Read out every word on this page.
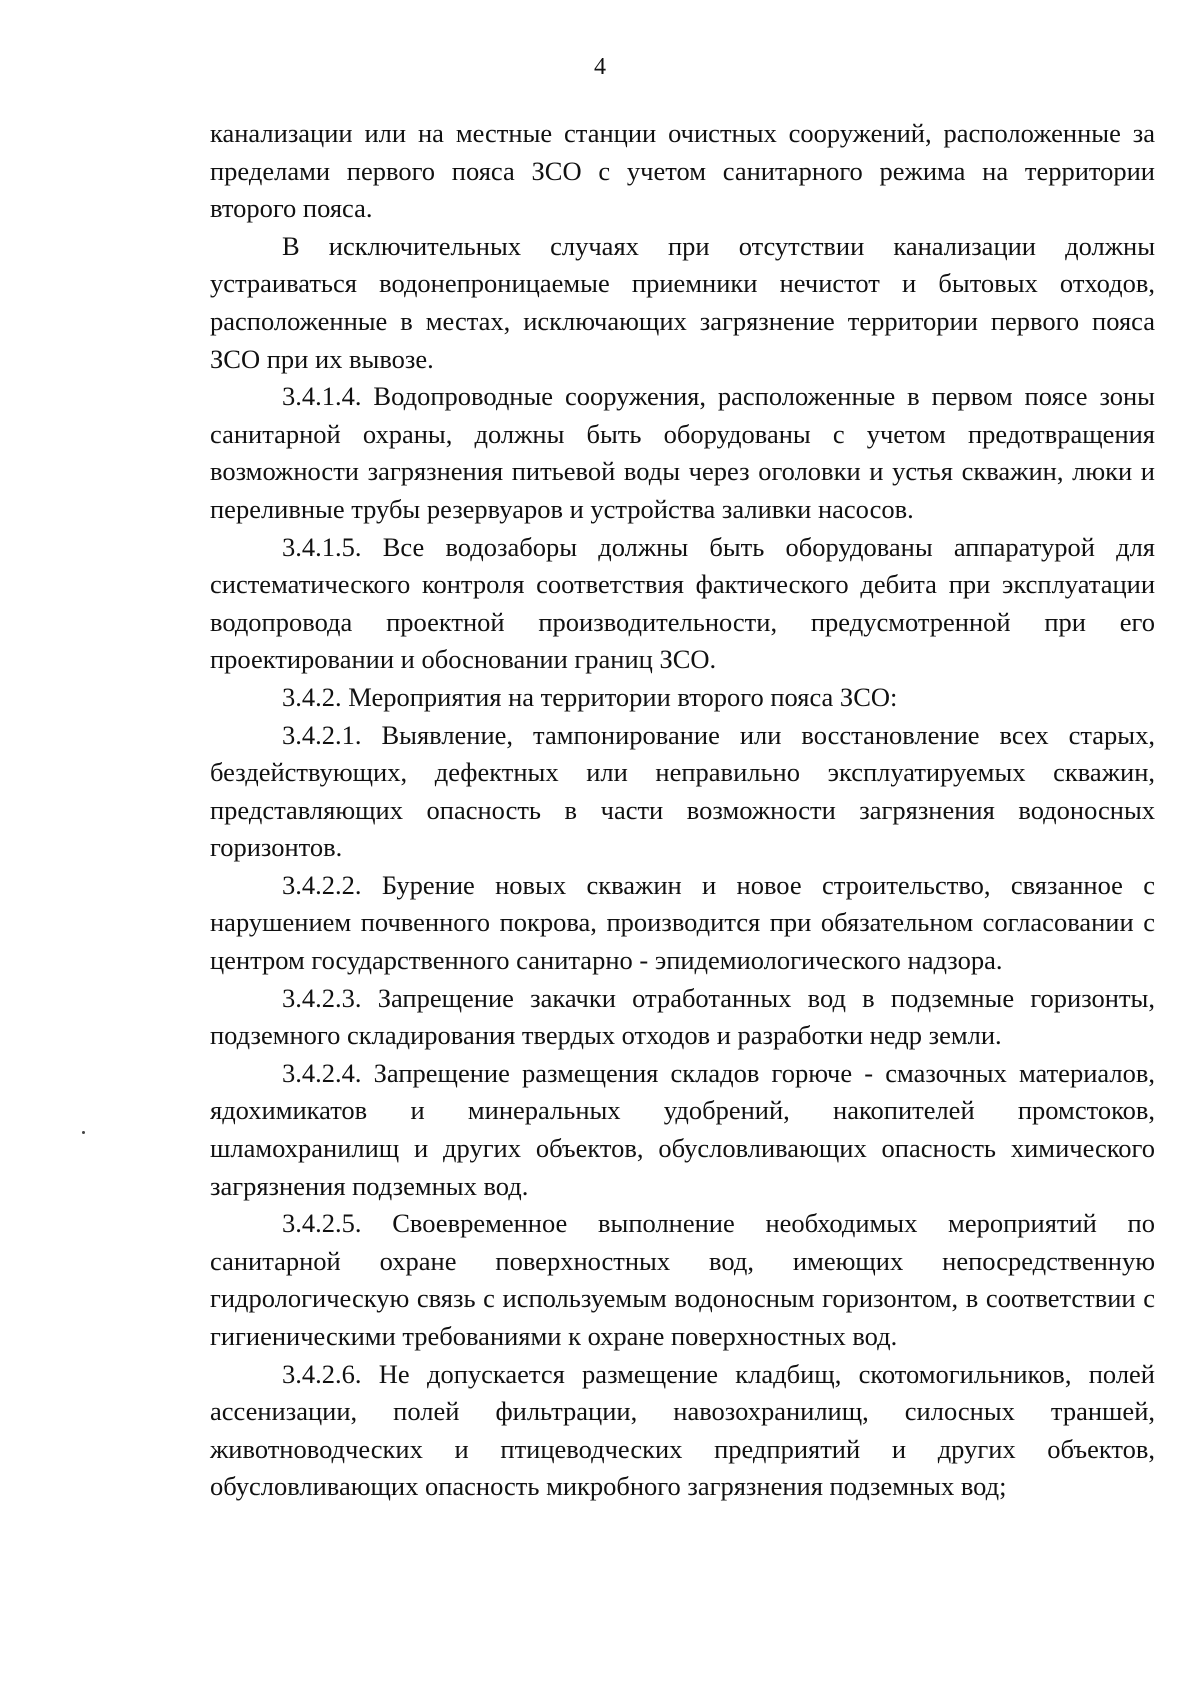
4

канализации или на местные станции очистных сооружений, расположенные за пределами первого пояса ЗСО с учетом санитарного режима на территории второго пояса.

В исключительных случаях при отсутствии канализации должны устраиваться водонепроницаемые приемники нечистот и бытовых отходов, расположенные в местах, исключающих загрязнение территории первого пояса ЗСО при их вывозе.

3.4.1.4. Водопроводные сооружения, расположенные в первом поясе зоны санитарной охраны, должны быть оборудованы с учетом предотвращения возможности загрязнения питьевой воды через оголовки и устья скважин, люки и переливные трубы резервуаров и устройства заливки насосов.

3.4.1.5. Все водозаборы должны быть оборудованы аппаратурой для систематического контроля соответствия фактического дебита при эксплуатации водопровода проектной производительности, предусмотренной при его проектировании и обосновании границ ЗСО.

3.4.2. Мероприятия на территории второго пояса ЗСО:

3.4.2.1. Выявление, тампонирование или восстановление всех старых, бездействующих, дефектных или неправильно эксплуатируемых скважин, представляющих опасность в части возможности загрязнения водоносных горизонтов.

3.4.2.2. Бурение новых скважин и новое строительство, связанное с нарушением почвенного покрова, производится при обязательном согласовании с центром государственного санитарно - эпидемиологического надзора.

3.4.2.3. Запрещение закачки отработанных вод в подземные горизонты, подземного складирования твердых отходов и разработки недр земли.

3.4.2.4. Запрещение размещения складов горюче - смазочных материалов, ядохимикатов и минеральных удобрений, накопителей промстоков, шламохранилищ и других объектов, обусловливающих опасность химического загрязнения подземных вод.

3.4.2.5. Своевременное выполнение необходимых мероприятий по санитарной охране поверхностных вод, имеющих непосредственную гидрологическую связь с используемым водоносным горизонтом, в соответствии с гигиеническими требованиями к охране поверхностных вод.

3.4.2.6. Не допускается размещение кладбищ, скотомогильников, полей ассенизации, полей фильтрации, навозохранилищ, силосных траншей, животноводческих и птицеводческих предприятий и других объектов, обусловливающих опасность микробного загрязнения подземных вод;
